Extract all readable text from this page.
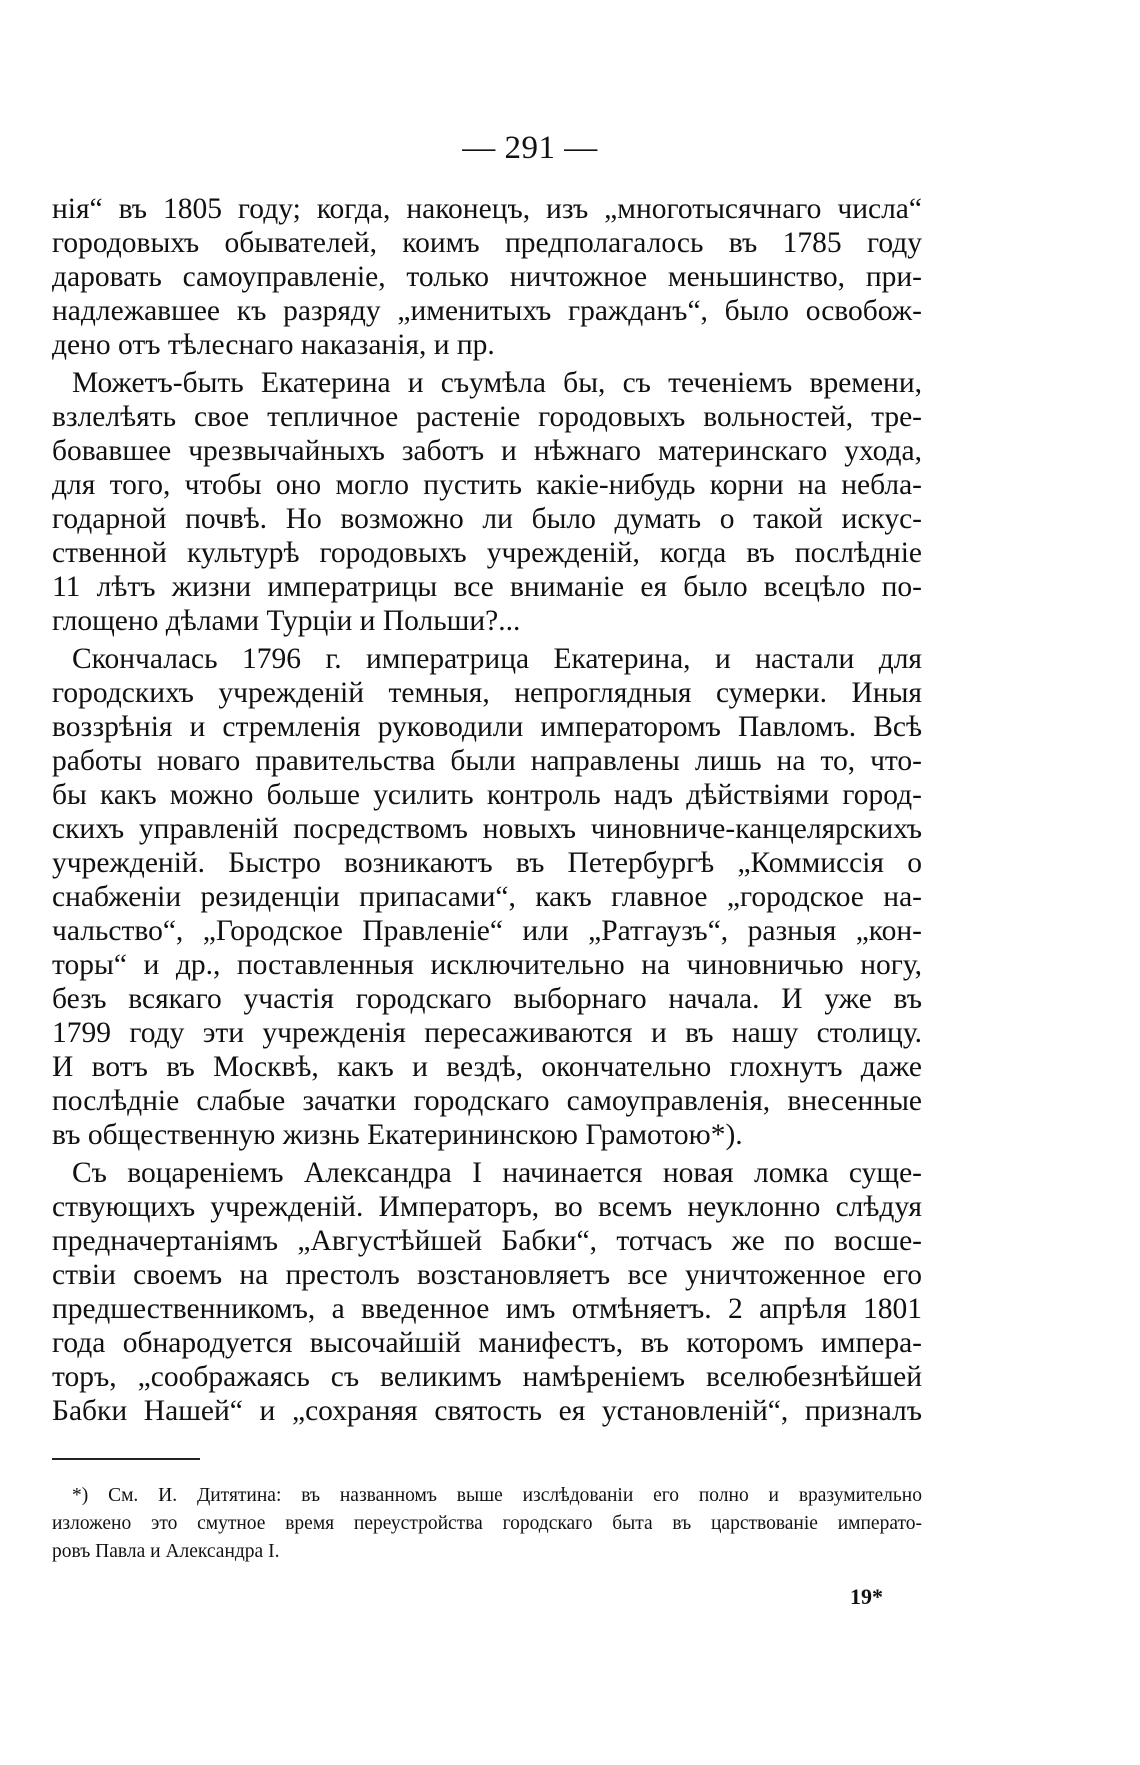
— 291 —
нія“ въ 1805 году; когда, наконецъ, изъ „многотысячнаго числа“
городовыхъ обывателей, коимъ предполагалось въ 1785 году
даровать самоуправленіе, только ничтожное меньшинство, при-
надлежавшее къ разряду „именитыхъ гражданъ“, было освобож-
дено отъ тѣлеснаго наказанія, и пр.
Можетъ-быть Екатерина и съумѣла бы, съ теченіемъ времени,
взлелѣять свое тепличное растеніе городовыхъ вольностей, тре-
бовавшее чрезвычайныхъ заботъ и нѣжнаго материнскаго ухода,
для того, чтобы оно могло пустить какіе-нибудь корни на небла-
годарной почвѣ. Но возможно ли было думать о такой искус-
ственной культурѣ городовыхъ учрежденій, когда въ послѣдніе
11 лѣтъ жизни императрицы все вниманіе ея было всецѣло по-
глощено дѣлами Турціи и Польши?...
Скончалась 1796 г. императрица Екатерина, и настали для
городскихъ учрежденій темныя, непроглядныя сумерки. Иныя
воззрѣнія и стремленія руководили императоромъ Павломъ. Всѣ
работы новаго правительства были направлены лишь на то, что-
бы какъ можно больше усилить контроль надъ дѣйствіями город-
скихъ управленій посредствомъ новыхъ чиновниче-канцелярскихъ
учрежденій. Быстро возникаютъ въ Петербургѣ „Коммиссія о
снабженіи резиденціи припасами“, какъ главное „городское на-
чальство“, „Городское Правленіе“ или „Ратгаузъ“, разныя „кон-
торы“ и др., поставленныя исключительно на чиновничью ногу,
безъ всякаго участія городскаго выборнаго начала. И уже въ
1799 году эти учрежденія пересаживаются и въ нашу столицу.
И вотъ въ Москвѣ, какъ и вездѣ, окончательно глохнутъ даже
послѣдніе слабые зачатки городскаго самоуправленія, внесенные
въ общественную жизнь Екатерининскою Грамотою*).
Съ воцареніемъ Александра I начинается новая ломка суще-
ствующихъ учрежденій. Императоръ, во всемъ неуклонно слѣдуя
предначертаніямъ „Августѣйшей Бабки“, тотчасъ же по восше-
ствіи своемъ на престолъ возстановляетъ все уничтоженное его
предшественникомъ, а введенное имъ отмѣняетъ. 2 апрѣля 1801
года обнародуется высочайшій манифестъ, въ которомъ импера-
торъ, „соображаясь съ великимъ намѣреніемъ вселюбезнѣйшей
Бабки Нашей“ и „сохраняя святость ея установленій“, призналъ
*) См. И. Дитятина: въ названномъ выше изслѣдованіи его полно и вразумительно
изложено это смутное время переустройства городскаго быта въ царствованіе императо-
ровъ Павла и Александра I.
19*
